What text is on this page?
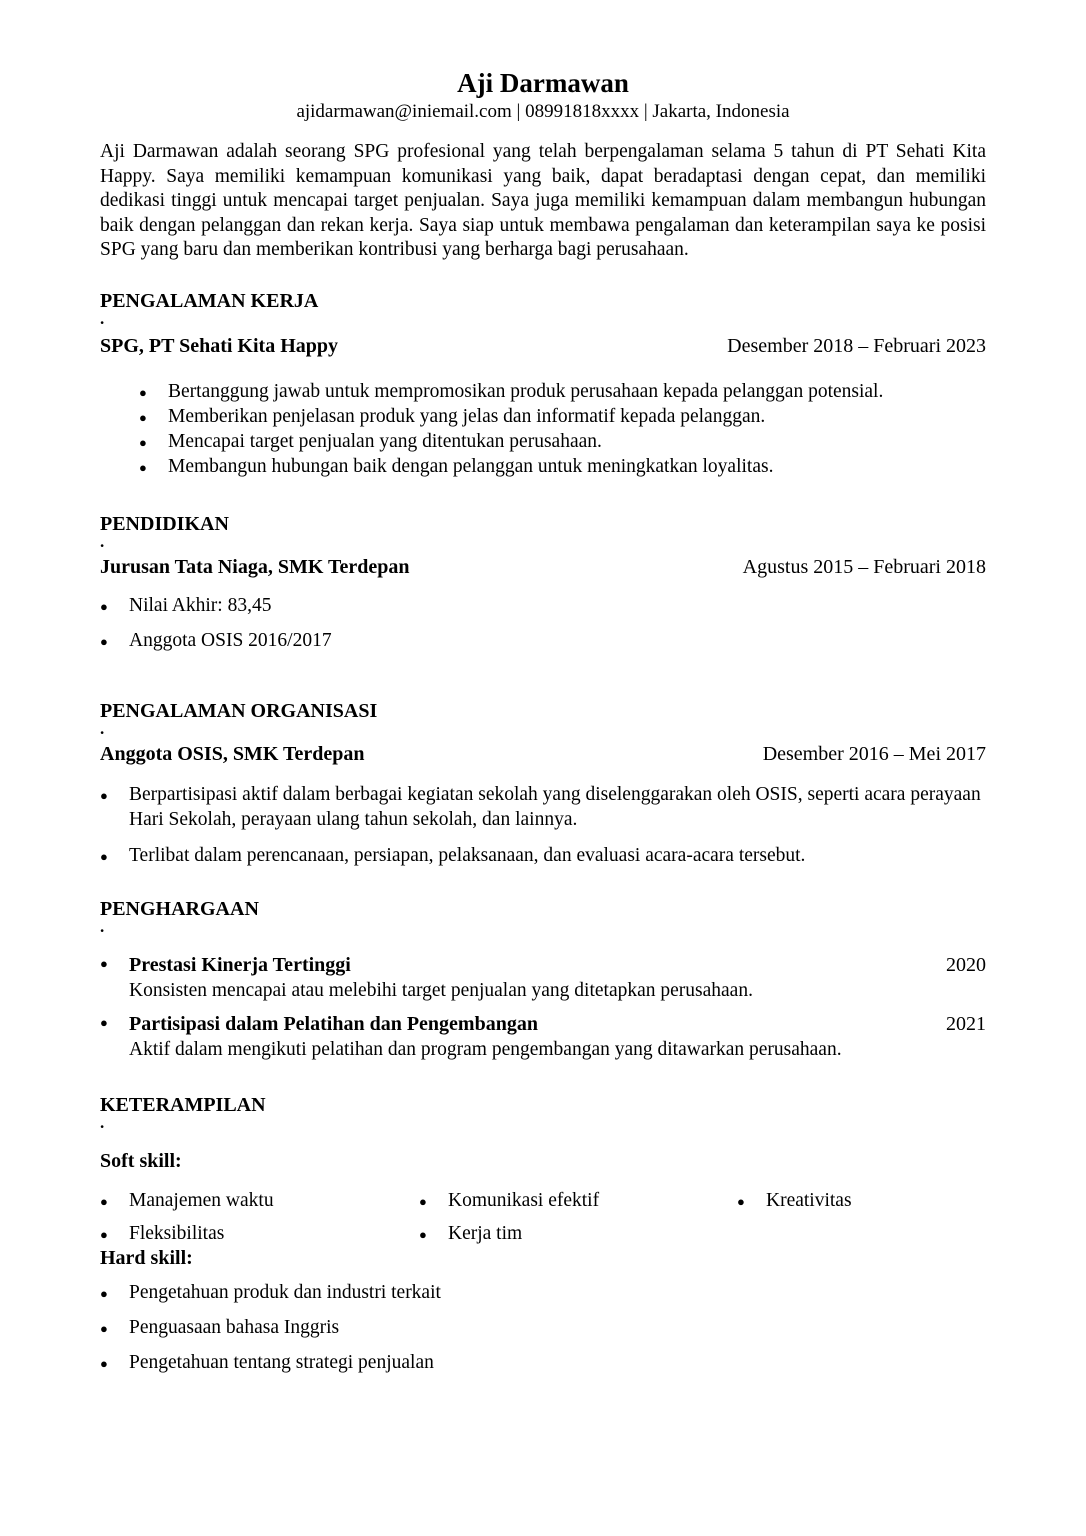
Aji Darmawan
ajidarmawan@iniemail.com | 08991818xxxx | Jakarta, Indonesia

Aji Darmawan adalah seorang SPG profesional yang telah berpengalaman selama 5 tahun di PT Sehati Kita Happy. Saya memiliki kemampuan komunikasi yang baik, dapat beradaptasi dengan cepat, dan memiliki dedikasi tinggi untuk mencapai target penjualan. Saya juga memiliki kemampuan dalam membangun hubungan baik dengan pelanggan dan rekan kerja. Saya siap untuk membawa pengalaman dan keterampilan saya ke posisi SPG yang baru dan memberikan kontribusi yang berharga bagi perusahaan.

PENGALAMAN KERJA
.
SPG, PT Sehati Kita Happy	Desember 2018 – Februari 2023
● Bertanggung jawab untuk mempromosikan produk perusahaan kepada pelanggan potensial.
● Memberikan penjelasan produk yang jelas dan informatif kepada pelanggan.
● Mencapai target penjualan yang ditentukan perusahaan.
● Membangun hubungan baik dengan pelanggan untuk meningkatkan loyalitas.
PENDIDIKAN
.
Jurusan Tata Niaga, SMK Terdepan	Agustus 2015 – Februari 2018
● Nilai Akhir: 83,45
● Anggota OSIS 2016/2017
PENGALAMAN ORGANISASI
.
Anggota OSIS, SMK Terdepan	Desember 2016 – Mei 2017
● Berpartisipasi aktif dalam berbagai kegiatan sekolah yang diselenggarakan oleh OSIS, seperti acara perayaan Hari Sekolah, perayaan ulang tahun sekolah, dan lainnya.
● Terlibat dalam perencanaan, persiapan, pelaksanaan, dan evaluasi acara-acara tersebut.
PENGHARGAAN
.
● Prestasi Kinerja Tertinggi	2020
Konsisten mencapai atau melebihi target penjualan yang ditetapkan perusahaan.
● Partisipasi dalam Pelatihan dan Pengembangan	2021
Aktif dalam mengikuti pelatihan dan program pengembangan yang ditawarkan perusahaan.
KETERAMPILAN
.
Soft skill:
● Manajemen waktu	● Komunikasi efektif	● Kreativitas
● Fleksibilitas	● Kerja tim
Hard skill:
● Pengetahuan produk dan industri terkait
● Penguasaan bahasa Inggris
● Pengetahuan tentang strategi penjualan
